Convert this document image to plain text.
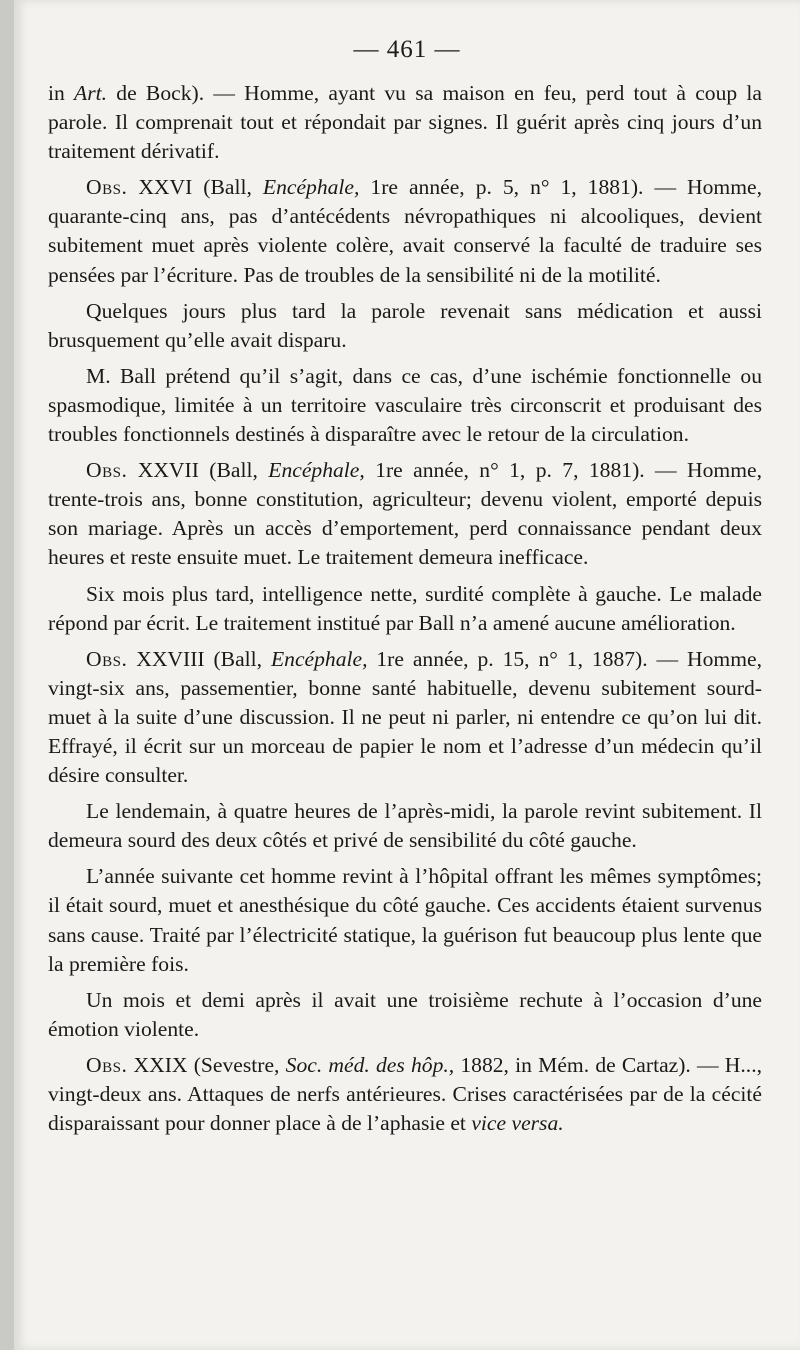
— 461 —

in Art. de Bock). — Homme, ayant vu sa maison en feu, perd tout à coup la parole. Il comprenait tout et répondait par signes. Il guérit après cinq jours d’un traitement dérivatif.

Obs. XXVI (Ball, Encéphale, 1re année, p. 5, n° 1, 1881). — Homme, quarante-cinq ans, pas d’antécédents névropathiques ni alcooliques, devient subitement muet après violente colère, avait conservé la faculté de traduire ses pensées par l’écriture. Pas de troubles de la sensibilité ni de la motilité.

Quelques jours plus tard la parole revenait sans médication et aussi brusquement qu’elle avait disparu.

M. Ball prétend qu’il s’agit, dans ce cas, d’une ischémie fonctionnelle ou spasmodique, limitée à un territoire vasculaire très circonscrit et produisant des troubles fonctionnels destinés à disparaître avec le retour de la circulation.

Obs. XXVII (Ball, Encéphale, 1re année, n° 1, p. 7, 1881). — Homme, trente-trois ans, bonne constitution, agriculteur; devenu violent, emporté depuis son mariage. Après un accès d’emportement, perd connaissance pendant deux heures et reste ensuite muet. Le traitement demeura inefficace.

Six mois plus tard, intelligence nette, surdité complète à gauche. Le malade répond par écrit. Le traitement institué par Ball n’a amené aucune amélioration.

Obs. XXVIII (Ball, Encéphale, 1re année, p. 15, n° 1, 1887). — Homme, vingt-six ans, passementier, bonne santé habituelle, devenu subitement sourd-muet à la suite d’une discussion. Il ne peut ni parler, ni entendre ce qu’on lui dit. Effrayé, il écrit sur un morceau de papier le nom et l’adresse d’un médecin qu’il désire consulter.

Le lendemain, à quatre heures de l’après-midi, la parole revint subitement. Il demeura sourd des deux côtés et privé de sensibilité du côté gauche.

L’année suivante cet homme revint à l’hôpital offrant les mêmes symptômes; il était sourd, muet et anesthésique du côté gauche. Ces accidents étaient survenus sans cause. Traité par l’électricité statique, la guérison fut beaucoup plus lente que la première fois.

Un mois et demi après il avait une troisième rechute à l’occasion d’une émotion violente.

Obs. XXIX (Sevestre, Soc. méd. des hôp., 1882, in Mém. de Cartaz). — H..., vingt-deux ans. Attaques de nerfs antérieures. Crises caractérisées par de la cécité disparaissant pour donner place à de l’aphasie et vice versa.
